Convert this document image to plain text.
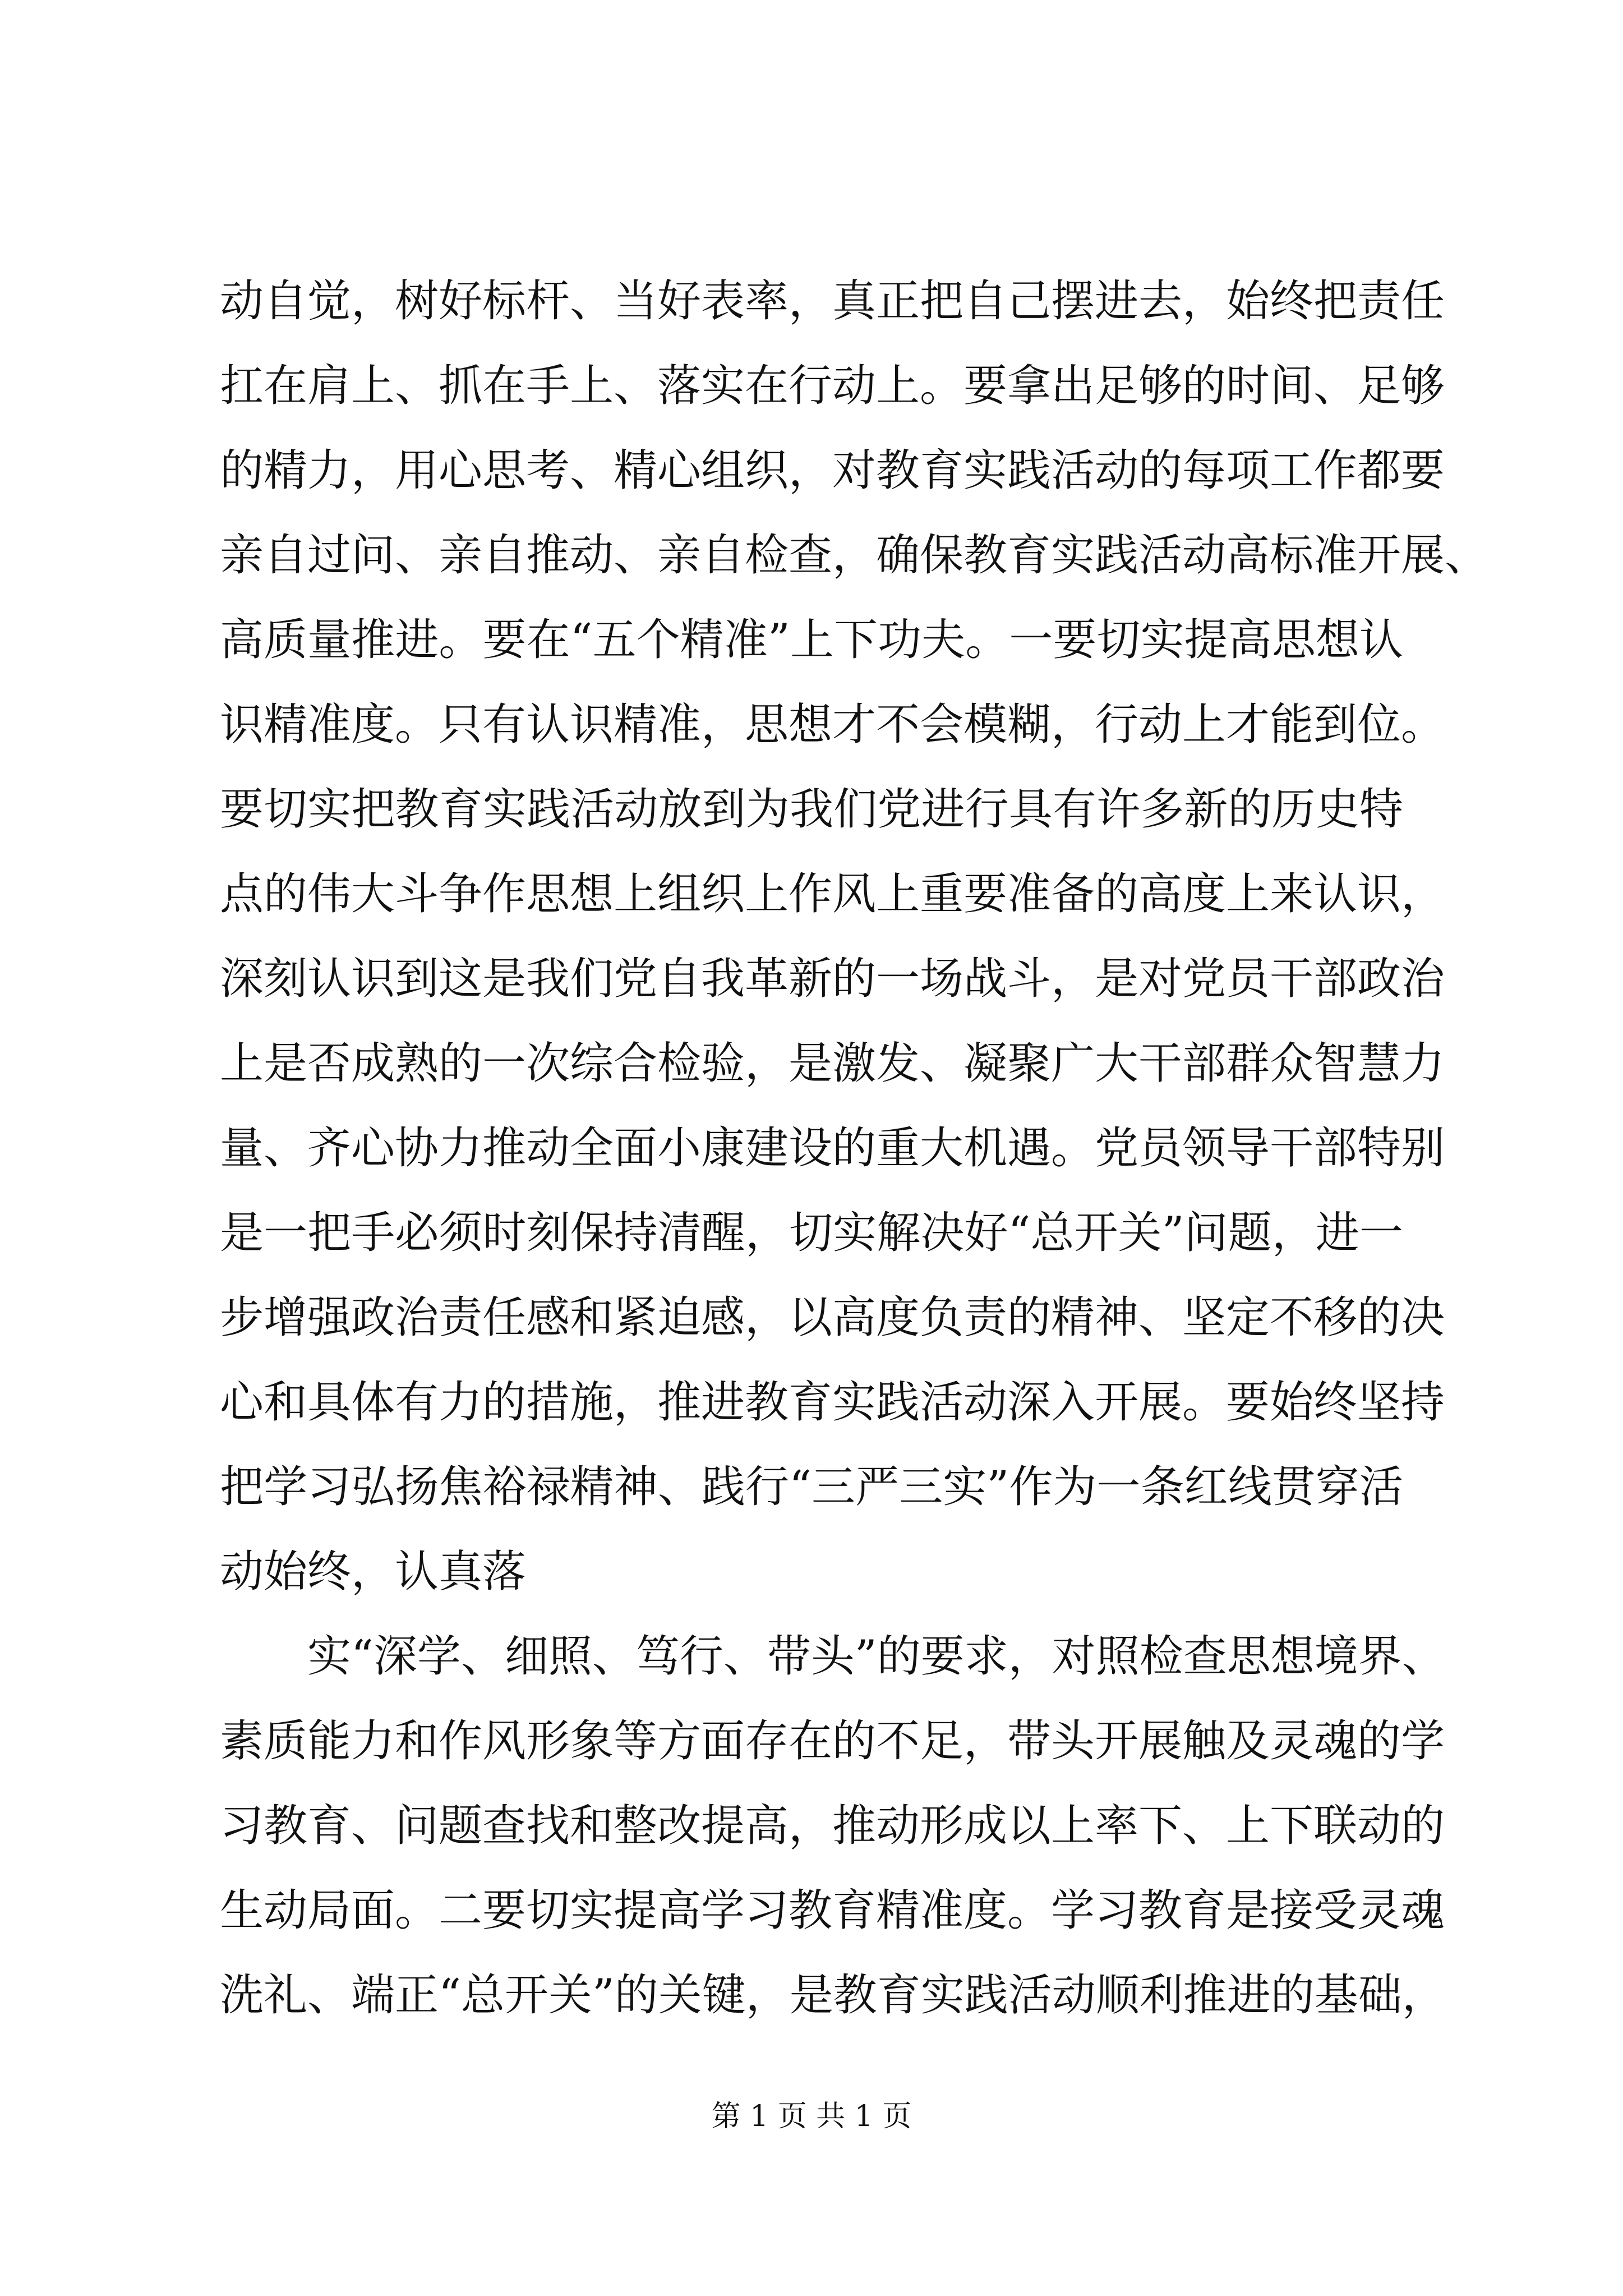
动自觉，树好标杆、当好表率，真正把自己摆进去，始终把责任
扛在肩上、抓在手上、落实在行动上。要拿出足够的时间、足够
的精力，用心思考、精心组织，对教育实践活动的每项工作都要
亲自过问、亲自推动、亲自检查，确保教育实践活动高标准开展、
高质量推进。要在“五个精准”上下功夫。一要切实提高思想认
识精准度。只有认识精准，思想才不会模糊，行动上才能到位。
要切实把教育实践活动放到为我们党进行具有许多新的历史特
点的伟大斗争作思想上组织上作风上重要准备的高度上来认识，
深刻认识到这是我们党自我革新的一场战斗，是对党员干部政治
上是否成熟的一次综合检验，是激发、凝聚广大干部群众智慧力
量、齐心协力推动全面小康建设的重大机遇。党员领导干部特别
是一把手必须时刻保持清醒，切实解决好“总开关”问题，进一
步增强政治责任感和紧迫感，以高度负责的精神、坚定不移的决
心和具体有力的措施，推进教育实践活动深入开展。要始终坚持
把学习弘扬焦裕禄精神、践行“三严三实”作为一条红线贯穿活
动始终，认真落
实“深学、细照、笃行、带头”的要求，对照检查思想境界、
素质能力和作风形象等方面存在的不足，带头开展触及灵魂的学
习教育、问题查找和整改提高，推动形成以上率下、上下联动的
生动局面。二要切实提高学习教育精准度。学习教育是接受灵魂
洗礼、端正“总开关”的关键，是教育实践活动顺利推进的基础，
第 1 页 共 1 页
